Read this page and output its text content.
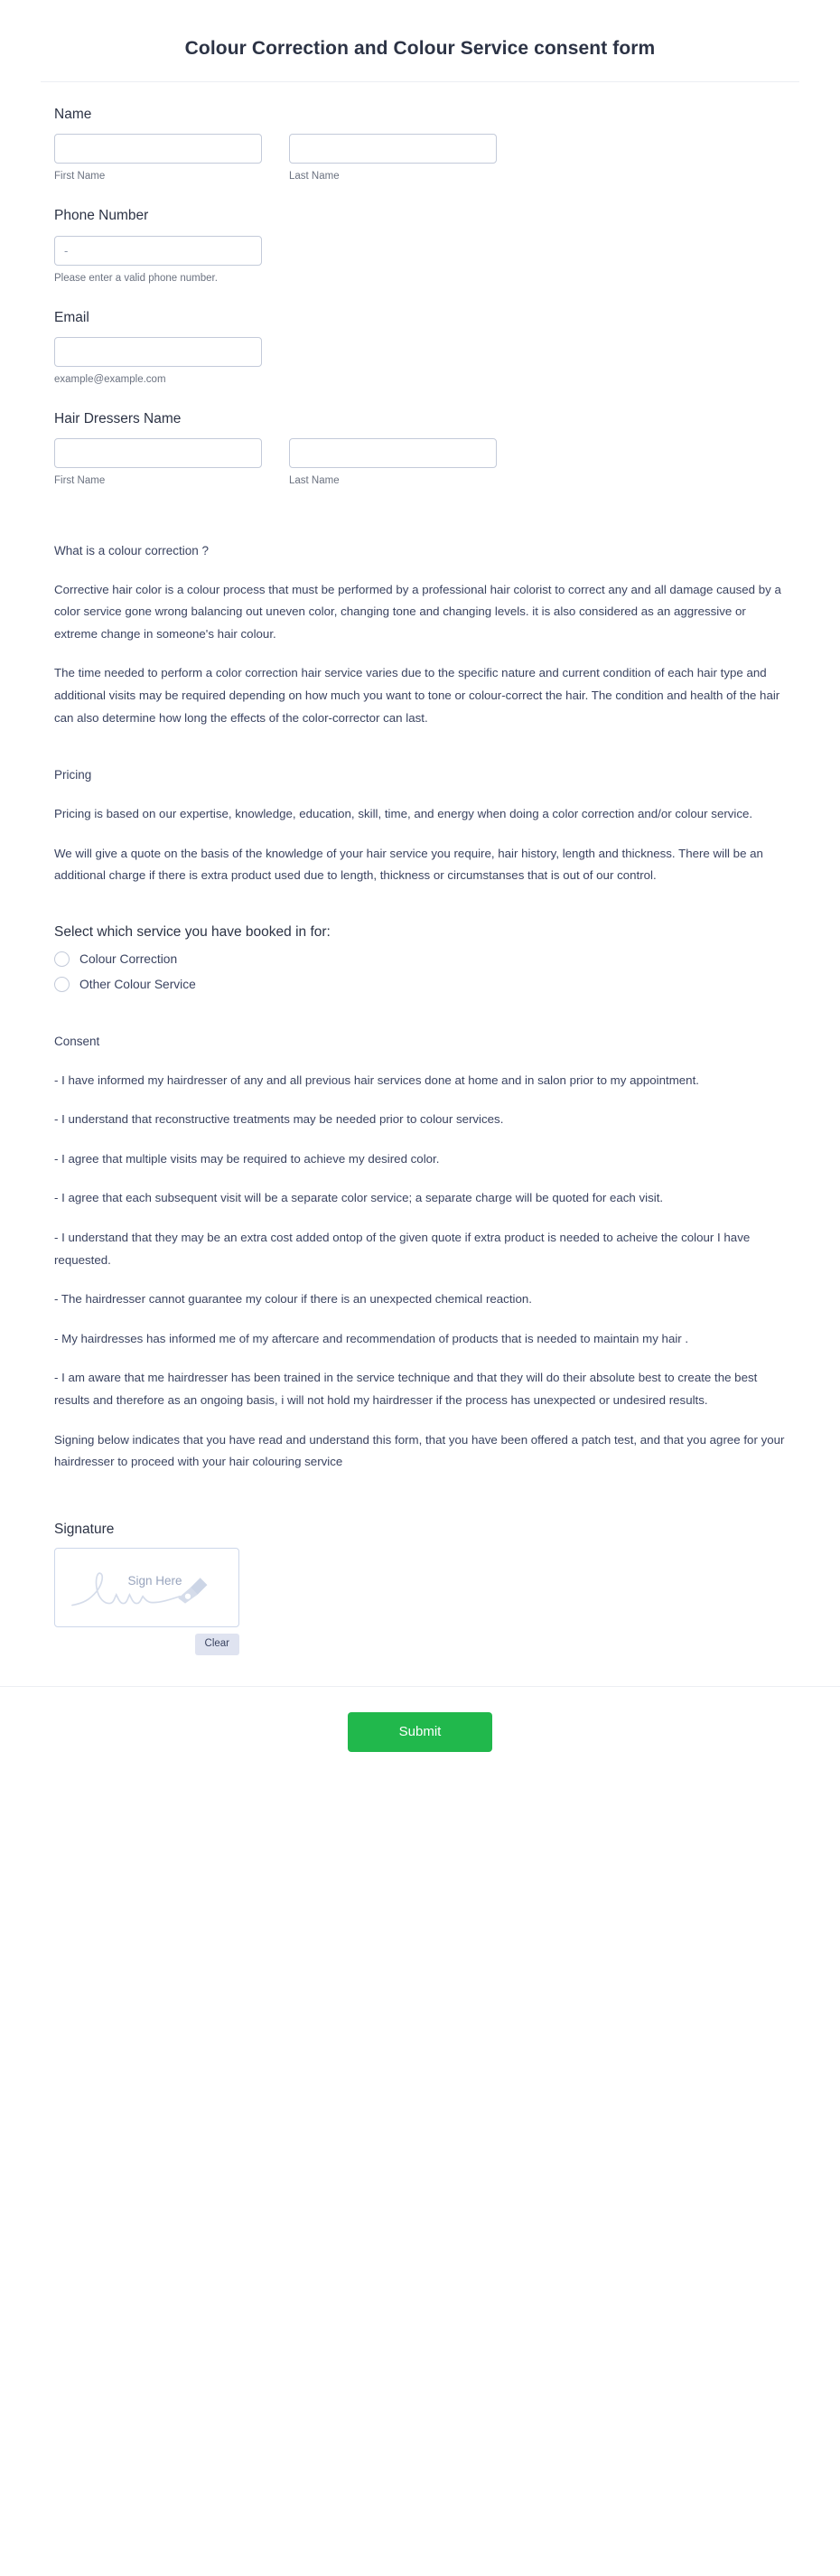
Colour Correction and Colour Service consent form
Name
First Name	Last Name
Phone Number
-
Please enter a valid phone number.
Email
example@example.com
Hair Dressers Name
First Name	Last Name
What is a colour correction ?

Corrective hair color is a colour process that must be performed by a professional hair colorist to correct any and all damage caused by a color service gone wrong balancing out uneven color, changing tone and changing levels. it is also considered as an aggressive or extreme change in someone's hair colour.

The time needed to perform a color correction hair service varies due to the specific nature and current condition of each hair type and additional visits may be required depending on how much you want to tone or colour-correct the hair. The condition and health of the hair can also determine how long the effects of the color-corrector can last.

Pricing

Pricing is based on our expertise, knowledge, education, skill, time, and energy when doing a color correction and/or colour service.

We will give a quote on the basis of the knowledge of your hair service you require, hair history, length and thickness. There will be an additional charge if there is extra product used due to length, thickness or circumstanses that is out of our control.

Select which service you have booked in for:
Colour Correction
Other Colour Service
Consent

- I have informed my hairdresser of any and all previous hair services done at home and in salon prior to my appointment.

- I understand that reconstructive treatments may be needed prior to colour services.

- I agree that multiple visits may be required to achieve my desired color.

- I agree that each subsequent visit will be a separate color service; a separate charge will be quoted for each visit.

- I understand that they may be an extra cost added ontop of the given quote if extra product is needed to acheive the colour I have requested.

- The hairdresser cannot guarantee my colour if there is an unexpected chemical reaction.

- My hairdresses has informed me of my aftercare and recommendation of products that is needed to maintain my hair .

- I am aware that me hairdresser has been trained in the service technique and that they will do their absolute best to create the best results and therefore as an ongoing basis, i will not hold my hairdresser if the process has unexpected or undesired results.

Signing below indicates that you have read and understand this form, that you have been offered a patch test, and that you agree for your hairdresser to proceed with your hair colouring service

Signature
Sign Here
Clear
Submit
